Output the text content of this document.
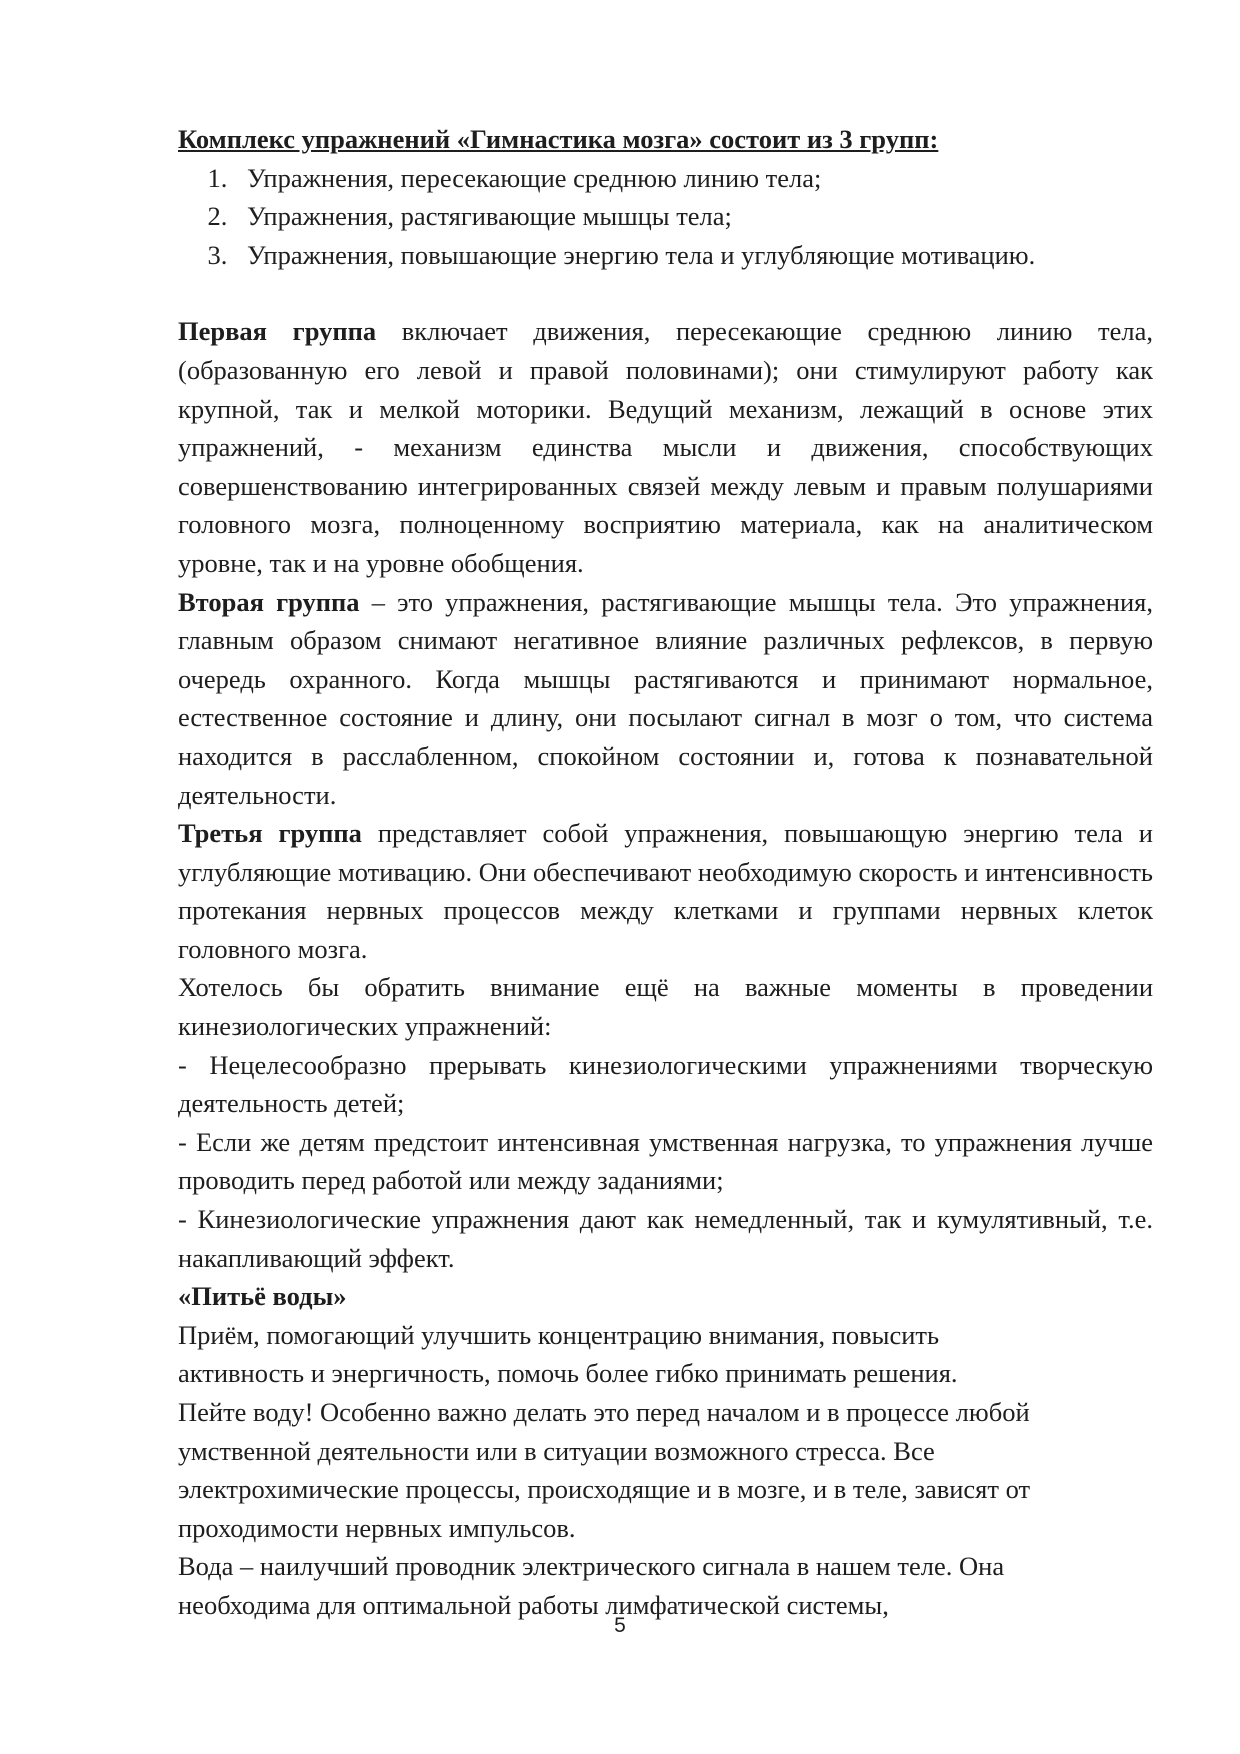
Комплекс упражнений «Гимнастика мозга» состоит из 3 групп:

1. Упражнения, пересекающие среднюю линию тела;
2. Упражнения, растягивающие мышцы тела;
3. Упражнения, повышающие энергию тела и углубляющие мотивацию.

Первая группа включает движения, пересекающие среднюю линию тела, (образованную его левой и правой половинами); они стимулируют работу как крупной, так и мелкой моторики. Ведущий механизм, лежащий в основе этих упражнений, - механизм единства мысли и движения, способствующих совершенствованию интегрированных связей между левым и правым полушариями головного мозга, полноценному восприятию материала, как на аналитическом уровне, так и на уровне обобщения.

Вторая группа – это упражнения, растягивающие мышцы тела. Это упражнения, главным образом снимают негативное влияние различных рефлексов, в первую очередь охранного. Когда мышцы растягиваются и принимают нормальное, естественное состояние и длину, они посылают сигнал в мозг о том, что система находится в расслабленном, спокойном состоянии и, готова к познавательной деятельности.

Третья группа представляет собой упражнения, повышающую энергию тела и углубляющие мотивацию. Они обеспечивают необходимую скорость и интенсивность протекания нервных процессов между клетками и группами нервных клеток головного мозга.

Хотелось бы обратить внимание ещё на важные моменты в проведении кинезиологических упражнений:

- Нецелесообразно прерывать кинезиологическими упражнениями творческую деятельность детей;

- Если же детям предстоит интенсивная умственная нагрузка, то упражнения лучше проводить перед работой или между заданиями;

- Кинезиологические упражнения дают как немедленный, так и кумулятивный, т.е. накапливающий эффект.

«Питьё воды»

Приём, помогающий улучшить концентрацию внимания, повысить
активность и энергичность, помочь более гибко принимать решения.

Пейте воду! Особенно важно делать это перед началом и в процессе любой
умственной деятельности или в ситуации возможного стресса. Все
электрохимические процессы, происходящие и в мозге, и в теле, зависят от
проходимости нервных импульсов.

Вода – наилучший проводник электрического сигнала в нашем теле. Она
необходима для оптимальной работы лимфатической системы,

5
